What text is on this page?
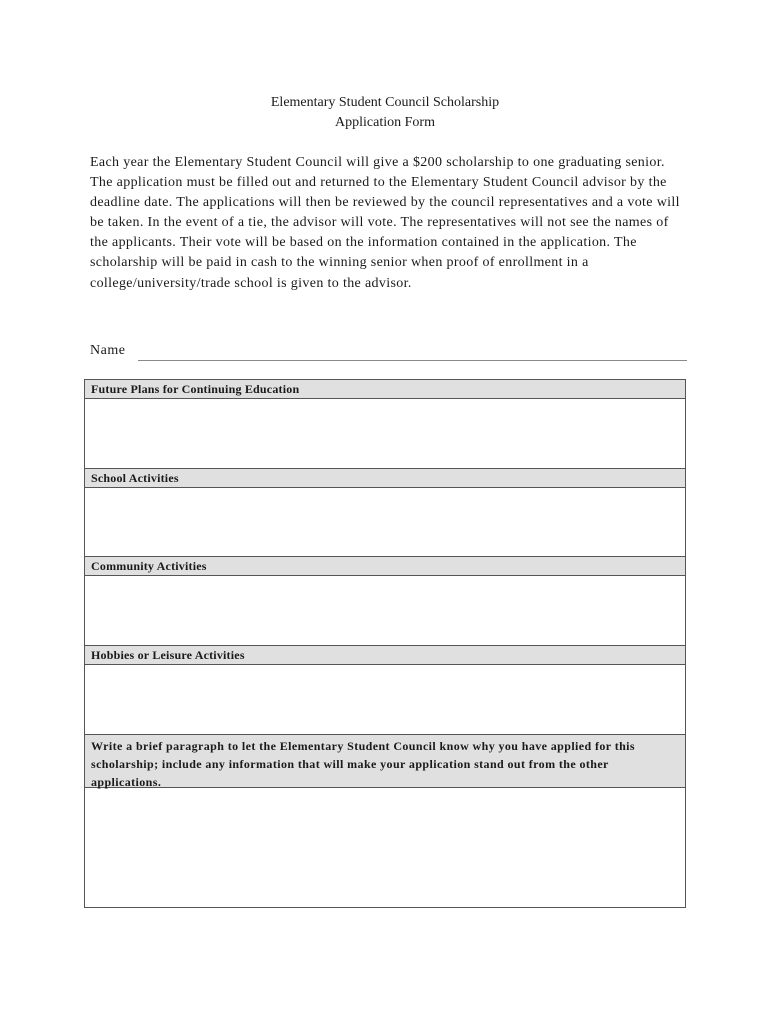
Elementary Student Council Scholarship
Application Form

Each year the Elementary Student Council will give a $200 scholarship to one graduating senior. The application must be filled out and returned to the Elementary Student Council advisor by the deadline date. The applications will then be reviewed by the council representatives and a vote will be taken. In the event of a tie, the advisor will vote. The representatives will not see the names of the applicants. Their vote will be based on the information contained in the application. The scholarship will be paid in cash to the winning senior when proof of enrollment in a college/university/trade school is given to the advisor.

Name
Future Plans for Continuing Education
School Activities
Community Activities
Hobbies or Leisure Activities
Write a brief paragraph to let the Elementary Student Council know why you have applied for this scholarship; include any information that will make your application stand out from the other applications.
